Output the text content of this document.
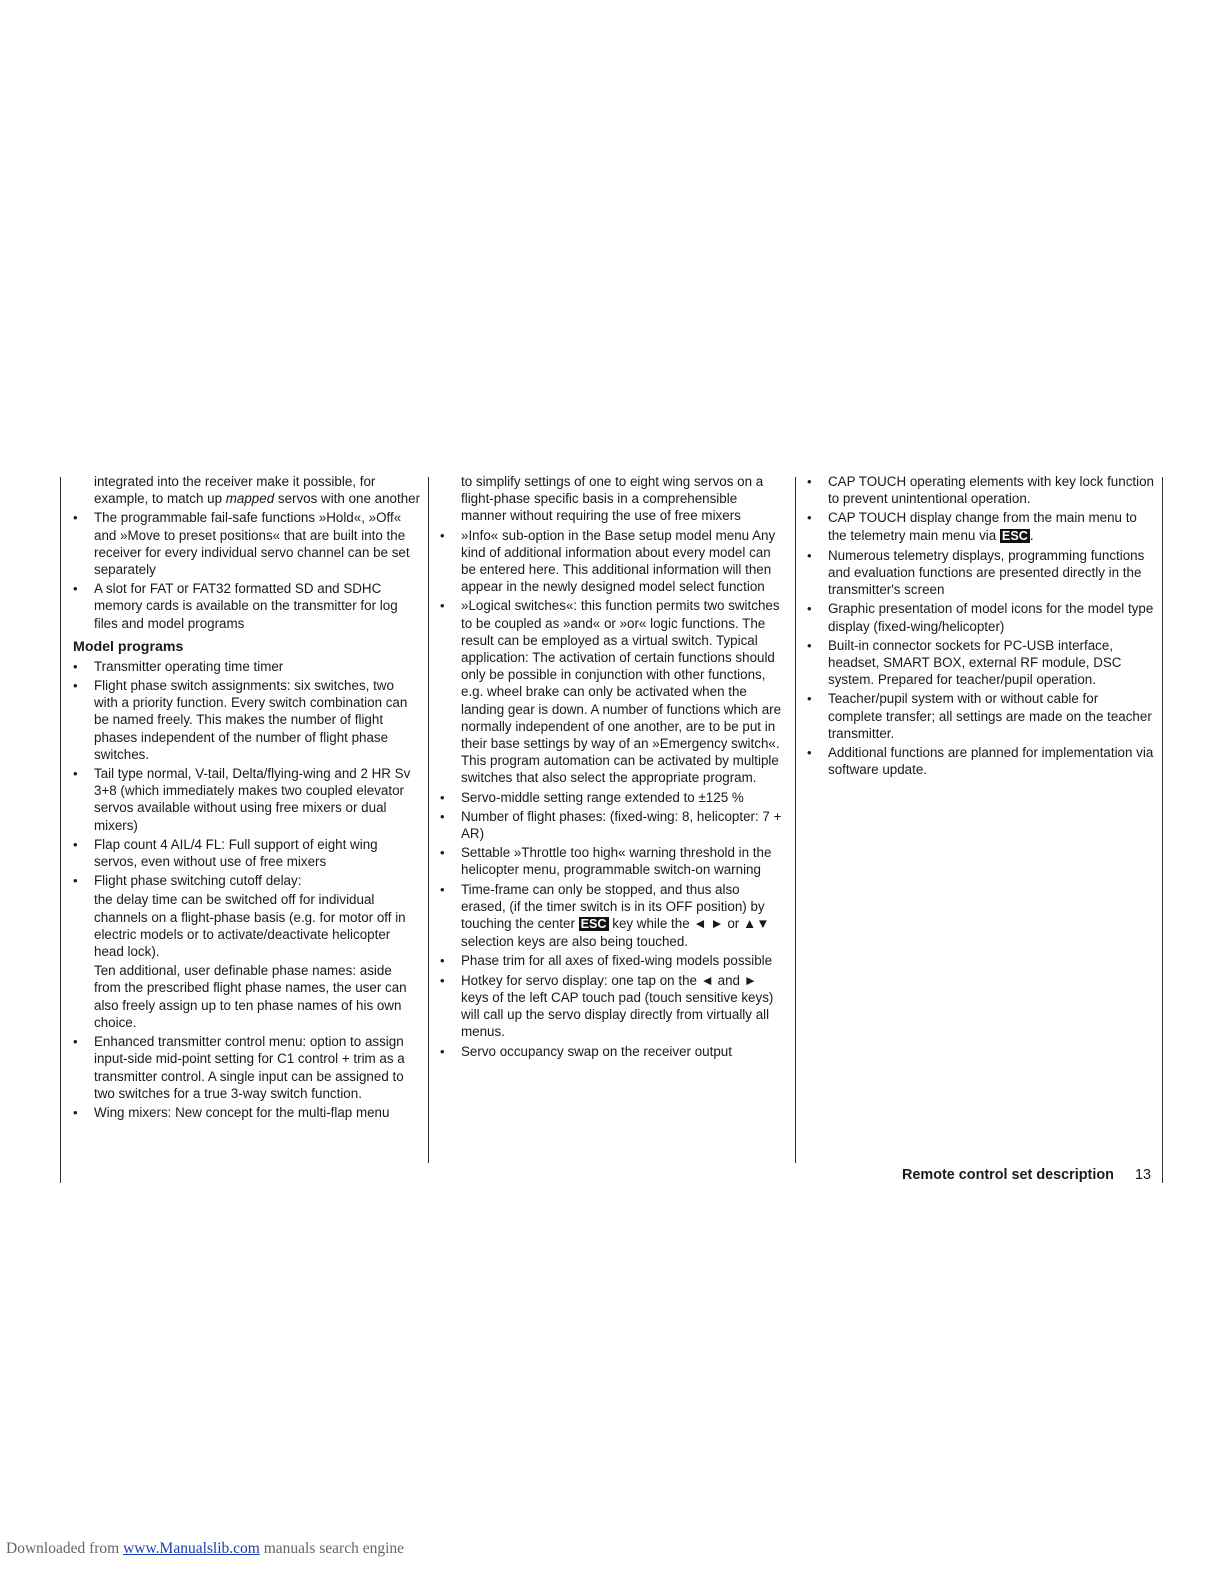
integrated into the receiver make it possible, for example, to match up mapped servos with one another
• The programmable fail-safe functions »Hold«, »Off« and »Move to preset positions« that are built into the receiver for every individual servo channel can be set separately
• A slot for FAT or FAT32 formatted SD and SDHC memory cards is available on the transmitter for log files and model programs
Model programs
• Transmitter operating time timer
• Flight phase switch assignments: six switches, two with a priority function. Every switch combination can be named freely. This makes the number of flight phases independent of the number of flight phase switches.
• Tail type normal, V-tail, Delta/flying-wing and 2 HR Sv 3+8 (which immediately makes two coupled elevator servos available without using free mixers or dual mixers)
• Flap count 4 AIL/4 FL: Full support of eight wing servos, even without use of free mixers

• Flight phase switching cutoff delay:

the delay time can be switched off for individual channels on a flight-phase basis (e.g. for motor off in electric models or to activate/deactivate helicopter head lock).

Ten additional, user definable phase names: aside from the prescribed flight phase names, the user can also freely assign up to ten phase names of his own choice.

• Enhanced transmitter control menu: option to assign input-side mid-point setting for C1 control + trim as a transmitter control. A single input can be assigned to two switches for a true 3-way switch function.
• Wing mixers: New concept for the multi-flap menu
to simplify settings of one to eight wing servos on a flight-phase specific basis in a comprehensible manner without requiring the use of free mixers
• »Info« sub-option in the Base setup model menu Any kind of additional information about every model can be entered here. This additional information will then appear in the newly designed model select function
• »Logical switches«: this function permits two switches to be coupled as »and« or »or« logic functions. The result can be employed as a virtual switch. Typical application: The activation of certain functions should only be possible in conjunction with other functions, e.g. wheel brake can only be activated when the landing gear is down. A number of functions which are normally independent of one another, are to be put in their base settings by way of an »Emergency switch«. This program automation can be activated by multiple switches that also select the appropriate program.
• Servo-middle setting range extended to ±125 %
• Number of flight phases: (fixed-wing: 8, helicopter: 7 + AR)
• Settable »Throttle too high« warning threshold in the helicopter menu, programmable switch-on warning
• Time-frame can only be stopped, and thus also erased, (if the timer switch is in its OFF position) by touching the center ESC key while the ◄ ► or ▲▼ selection keys are also being touched.
• Phase trim for all axes of fixed-wing models possible
• Hotkey for servo display: one tap on the ◄ and ► keys of the left CAP touch pad (touch sensitive keys) will call up the servo display directly from virtually all menus.
• Servo occupancy swap on the receiver output
• CAP TOUCH operating elements with key lock function to prevent unintentional operation.
• CAP TOUCH display change from the main menu to the telemetry main menu via ESC .
• Numerous telemetry displays, programming functions and evaluation functions are presented directly in the transmitter's screen
• Graphic presentation of model icons for the model type display (fixed-wing/helicopter)
• Built-in connector sockets for PC-USB interface, headset, SMART BOX, external RF module, DSC system. Prepared for teacher/pupil operation.
• Teacher/pupil system with or without cable for complete transfer; all settings are made on the teacher transmitter.
• Additional functions are planned for implementation via software update.
Remote control set description 13
Downloaded from www.Manualslib.com manuals search engine
